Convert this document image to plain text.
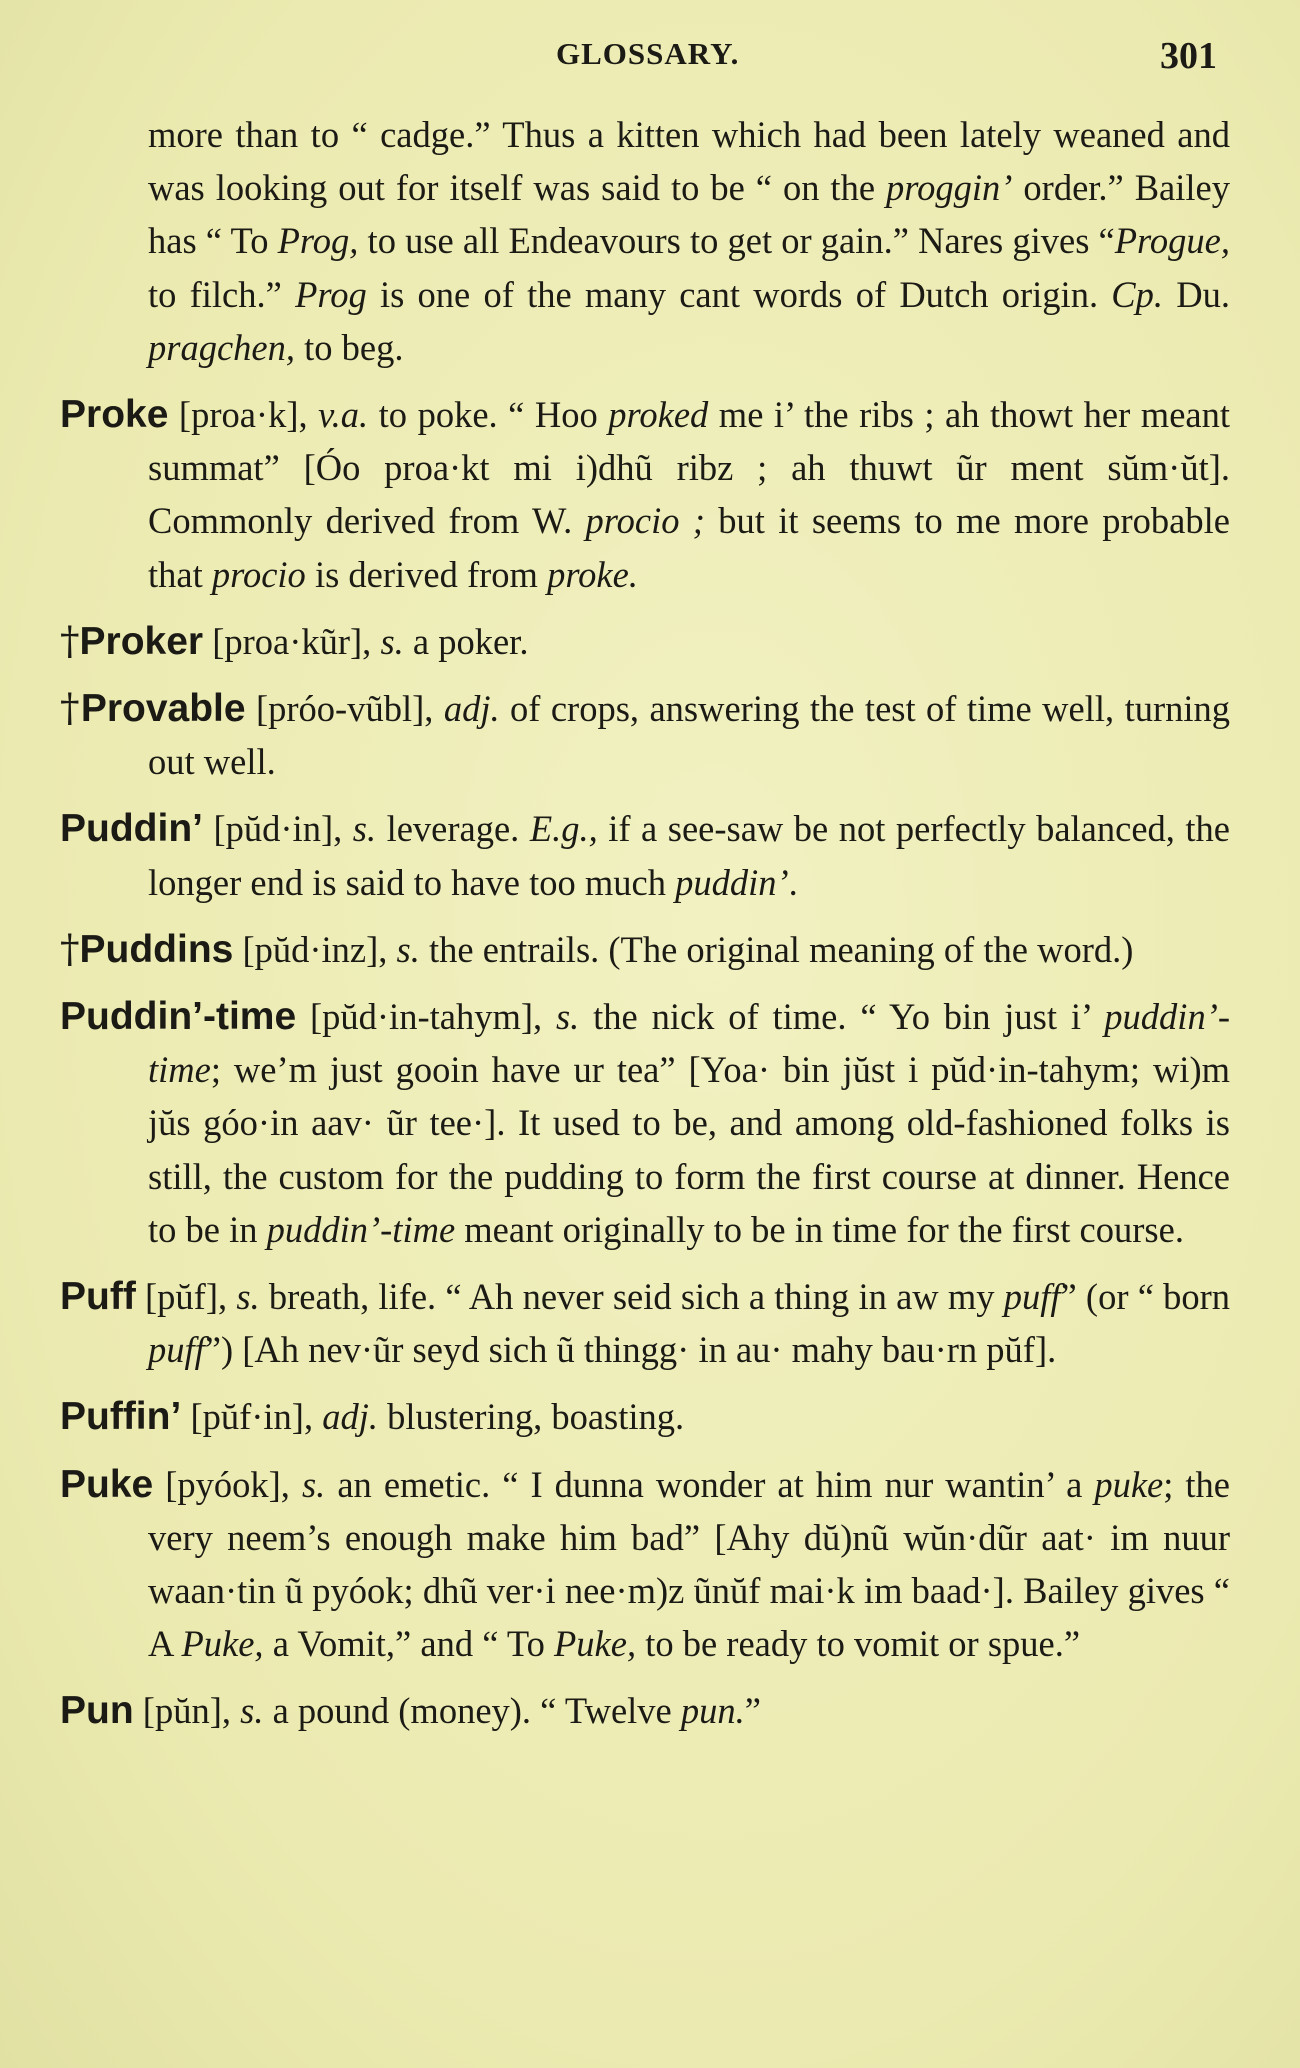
GLOSSARY.	301

more than to “ cadge.” Thus a kitten which had been lately weaned and was looking out for itself was said to be “ on the proggin’ order.” Bailey has “ To Prog, to use all Endeavours to get or gain.” Nares gives “Progue, to filch.” Prog is one of the many cant words of Dutch origin. Cp. Du. pragchen, to beg.

Proke [proa·k], v.a. to poke. “ Hoo proked me i’ the ribs ; ah thowt her meant summat” [Óo proa·kt mi i)dhũ ribz ; ah thuwt ũr ment sŭm·ŭt]. Commonly derived from W. procio ; but it seems to me more probable that procio is derived from proke.

†Proker [proa·kũr], s. a poker.

†Provable [próo-vũbl], adj. of crops, answering the test of time well, turning out well.

Puddin’ [pŭd·in], s. leverage. E.g., if a see-saw be not perfectly balanced, the longer end is said to have too much puddin’.

†Puddins [pŭd·inz], s. the entrails. (The original meaning of the word.)

Puddin’-time [pŭd·in-tahym], s. the nick of time. “ Yo bin just i’ puddin’-time; we’m just gooin have ur tea” [Yoa· bin jŭst i pŭd·in-tahym; wi)m jŭs góo·in aav· ũr tee·]. It used to be, and among old-fashioned folks is still, the custom for the pudding to form the first course at dinner. Hence to be in puddin’-time meant originally to be in time for the first course.

Puff [pŭf], s. breath, life. “ Ah never seid sich a thing in aw my puff” (or “ born puff”) [Ah nev·ũr seyd sich ũ thingg· in au· mahy bau·rn pŭf].

Puffin’ [pŭf·in], adj. blustering, boasting.

Puke [pyóok], s. an emetic. “ I dunna wonder at him nur wantin’ a puke; the very neem’s enough make him bad” [Ahy dŭ)nũ wŭn·dũr aat· im nuur waan·tin ũ pyóok; dhũ ver·i nee·m)z ũnŭf mai·k im baad·]. Bailey gives “ A Puke, a Vomit,” and “ To Puke, to be ready to vomit or spue.”

Pun [pŭn], s. a pound (money). “ Twelve pun.”
